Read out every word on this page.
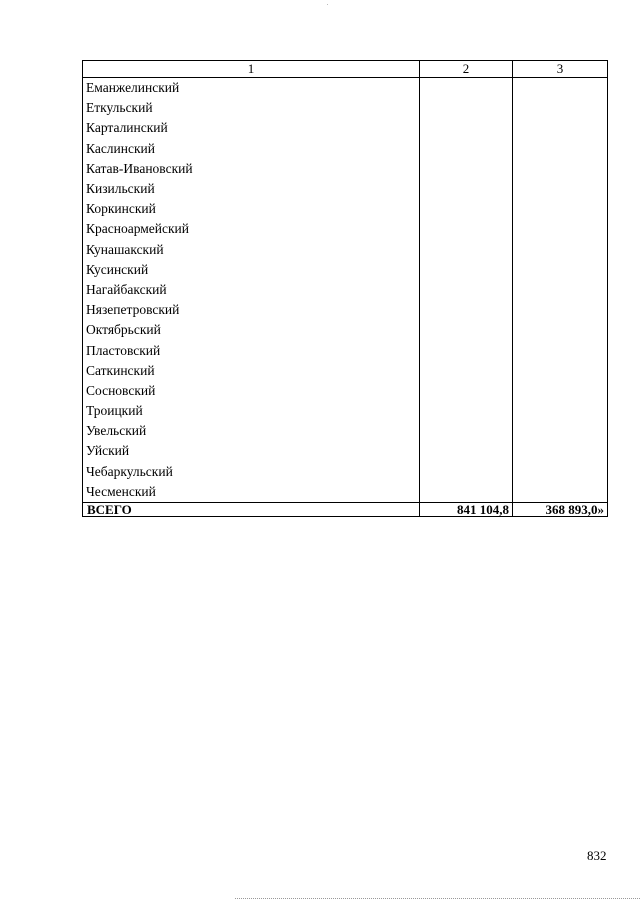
1	2	3
Еманжелинский		
Еткульский		
Карталинский		
Каслинский		
Катав-Ивановский		
Кизильский		
Коркинский		
Красноармейский		
Кунашакский		
Кусинский		
Нагайбакский		
Нязепетровский		
Октябрьский		
Пластовский		
Саткинский		
Сосновский		
Троицкий		
Увельский		
Уйский		
Чебаркульский		
Чесменский		
ВСЕГО	841 104,8	368 893,0»
832
